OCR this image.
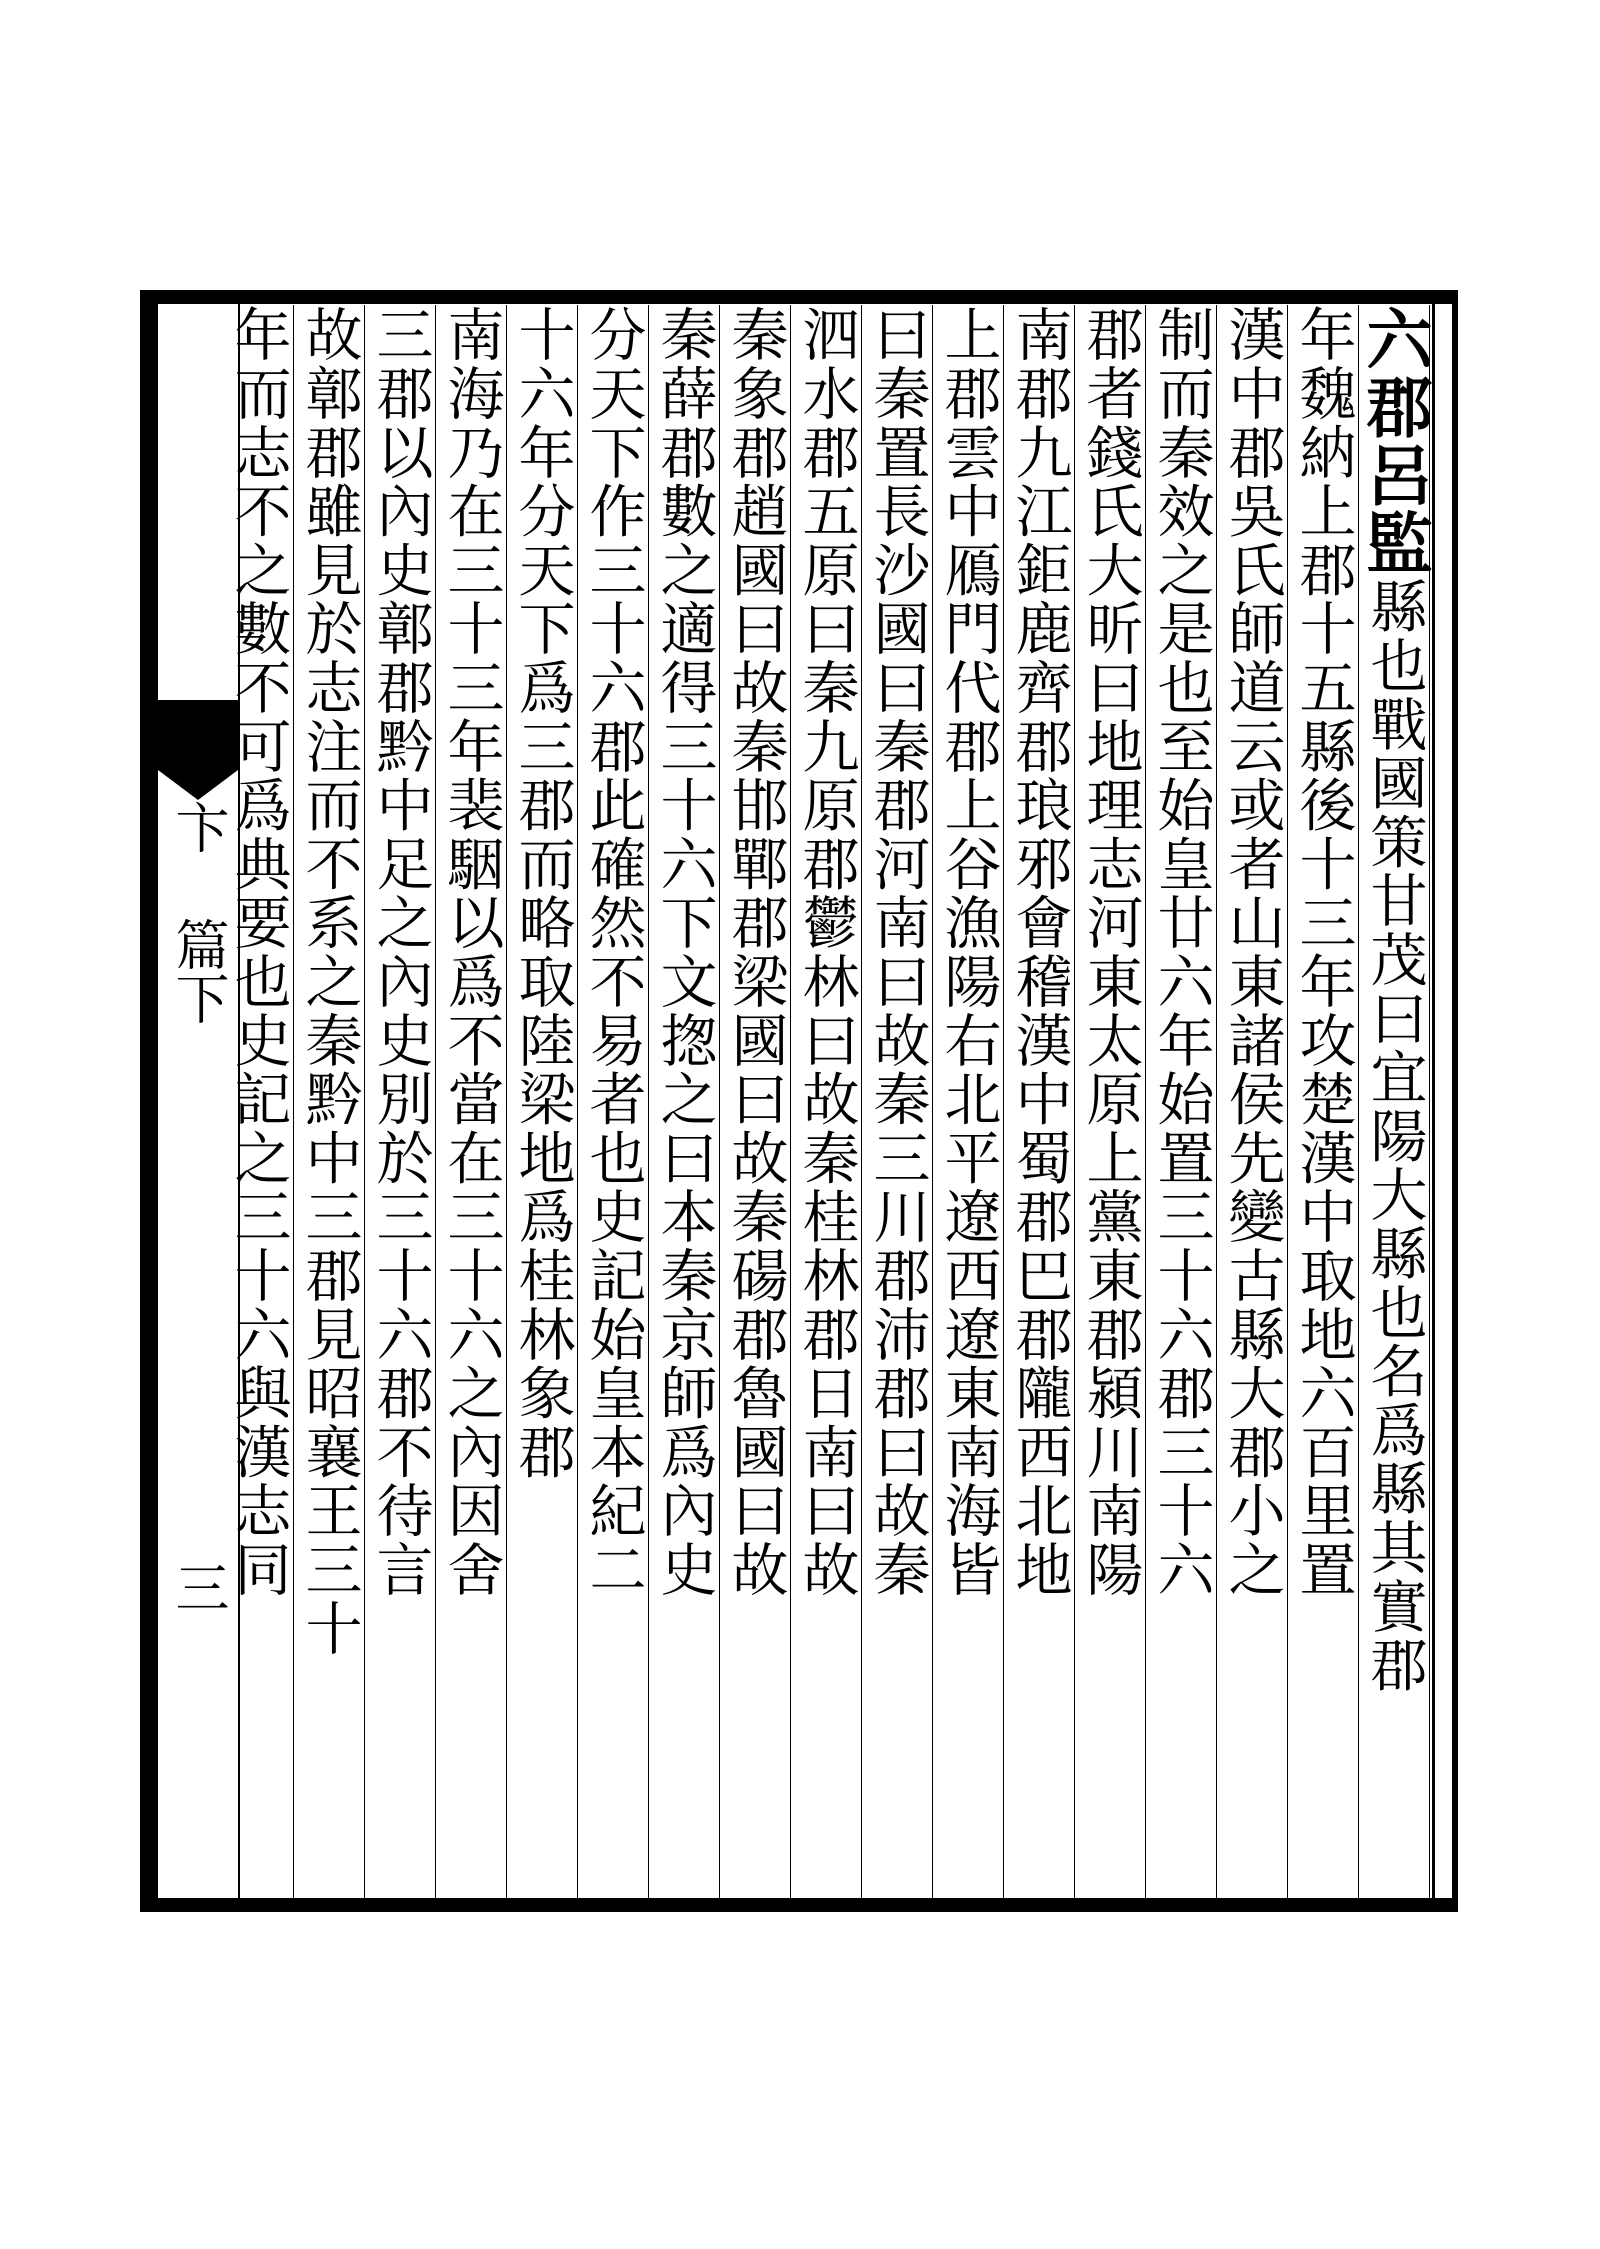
卞 篇下
三
六郡呂監縣也戰國策甘茂曰宜陽大縣也名爲縣其實郡
年魏納上郡十五縣後十三年攻楚漢中取地六百里置
漢中郡吳氏師道云或者山東諸侯先變古縣大郡小之
制而秦效之是也至始皇廿六年始置三十六郡三十六
郡者錢氏大昕曰地理志河東太原上黨東郡潁川南陽
南郡九江鉅鹿齊郡琅邪會稽漢中蜀郡巴郡隴西北地
上郡雲中鴈門代郡上谷漁陽右北平遼西遼東南海皆
曰秦置長沙國曰秦郡河南曰故秦三川郡沛郡曰故秦
泗水郡五原曰秦九原郡鬱林曰故秦桂林郡日南曰故
秦象郡趙國曰故秦邯鄲郡梁國曰故秦碭郡魯國曰故
秦薛郡數之適得三十六下文揔之曰本秦京師爲內史
分天下作三十六郡此確然不易者也史記始皇本紀二
十六年分天下爲三郡而略取陸梁地爲桂林象郡
南海乃在三十三年裴駰以爲不當在三十六之內因舍
三郡以內史鄣郡黔中足之內史別於三十六郡不待言
故鄣郡雖見於志注而不系之秦黔中三郡見昭襄王三十
年而志不之數不可爲典要也史記之三十六與漢志同
